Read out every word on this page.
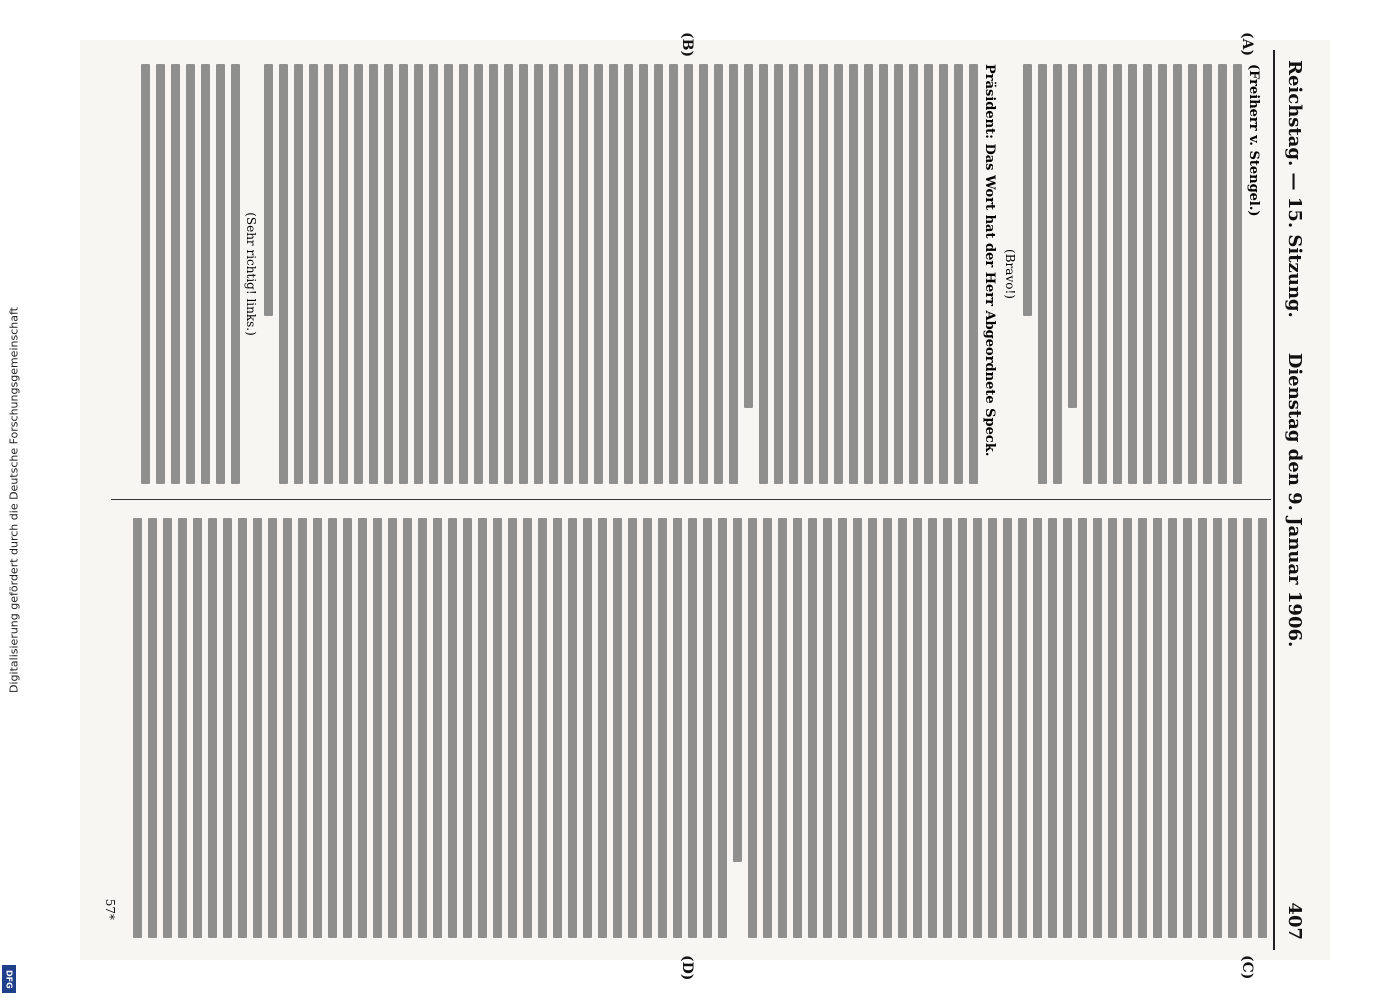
Digitalisierung gefördert durch die Deutsche Forschungsgemeinschaft
DFG
Reichstag. — 15. Sitzung.
Dienstag den 9. Januar 1906.
407
(A)
(B)
(C)
(D)
(Freiherr v. Stengel.)
(Bravo!)
Präsident: Das Wort hat der Herr Abgeordnete Speck.
(Sehr richtig! links.)
57*
